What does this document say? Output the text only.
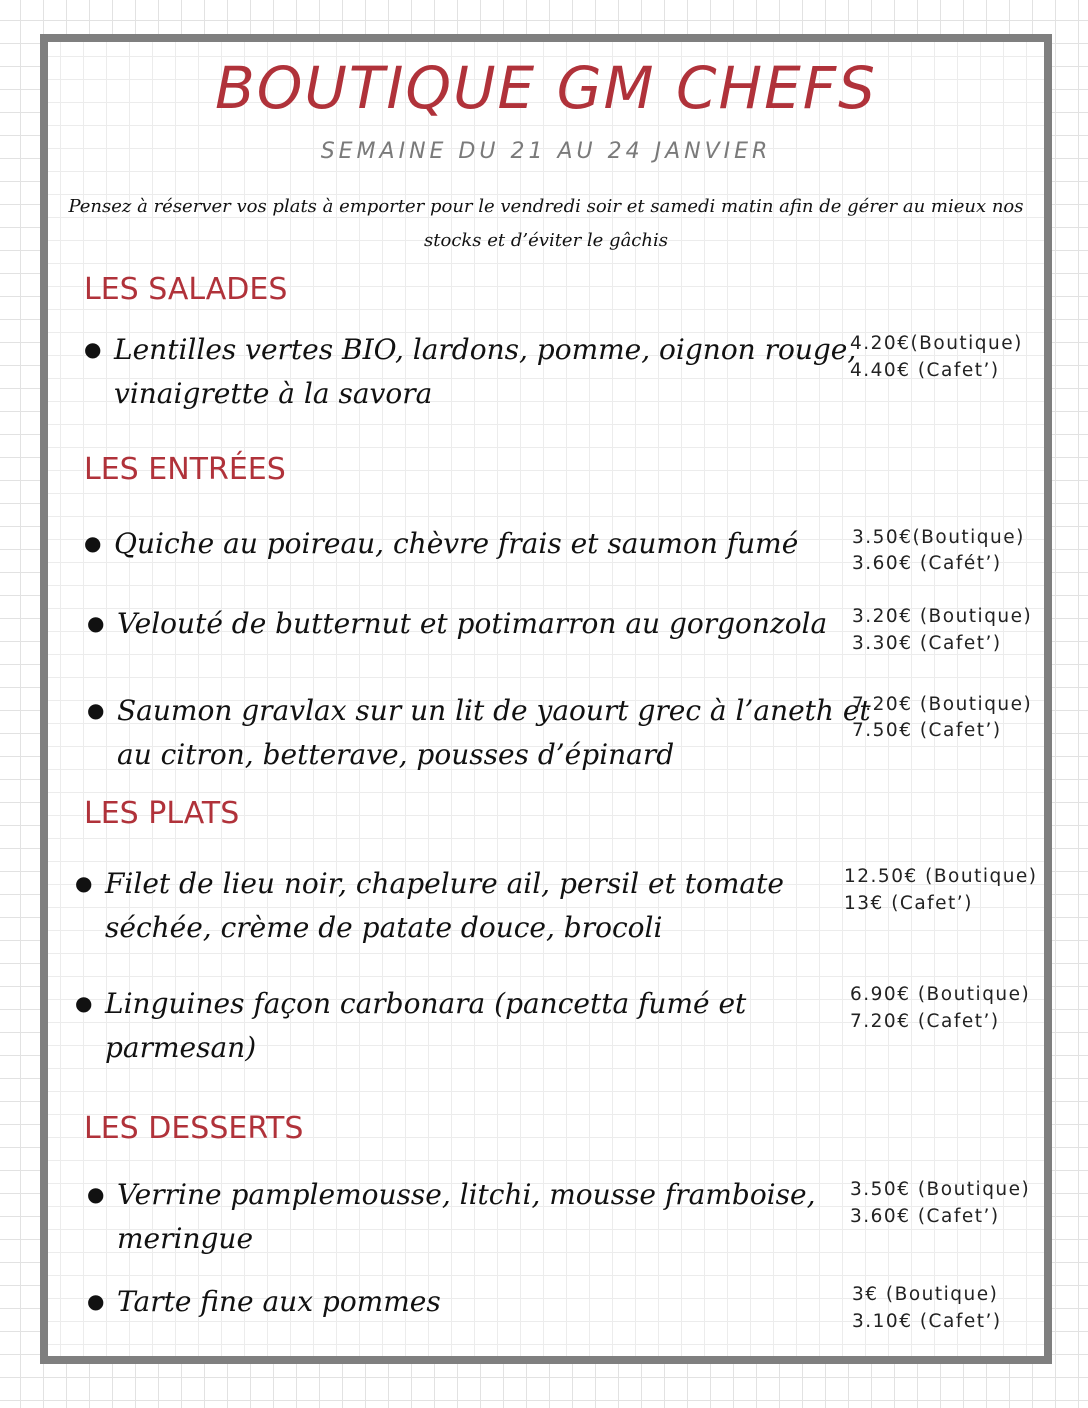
BOUTIQUE GM CHEFS
SEMAINE DU 21 AU 24 JANVIER
Pensez à réserver vos plats à emporter pour le vendredi soir et samedi matin afin de gérer au mieux nos stocks et d’éviter le gâchis
LES SALADES
● Lentilles vertes BIO, lardons, pomme, oignon rouge,
vinaigrette à la savora
4.20€(Boutique)
4.40€ (Cafet’)
LES ENTRÉES
● Quiche au poireau, chèvre frais et saumon fumé	3.50€(Boutique)
3.60€ (Cafét’)
● Velouté de butternut et potimarron au gorgonzola 3.20€ (Boutique)
3.30€ (Cafet’)
● Saumon gravlax sur un lit de yaourt grec à l’aneth et
au citron, betterave, pousses d’épinard
7.20€ (Boutique)
7.50€ (Cafet’)
LES PLATS
● Filet de lieu noir, chapelure ail, persil et tomate
séchée, crème de patate douce, brocoli
12.50€ (Boutique)
13€ (Cafet’)
● Linguines façon carbonara (pancetta fumé et
parmesan)
6.90€ (Boutique)
7.20€ (Cafet’)
LES DESSERTS
● Verrine pamplemousse, litchi, mousse framboise,
meringue
3.50€ (Boutique)
3.60€ (Cafet’)
● Tarte fine aux pommes	3€ (Boutique)
3.10€ (Cafet’)
